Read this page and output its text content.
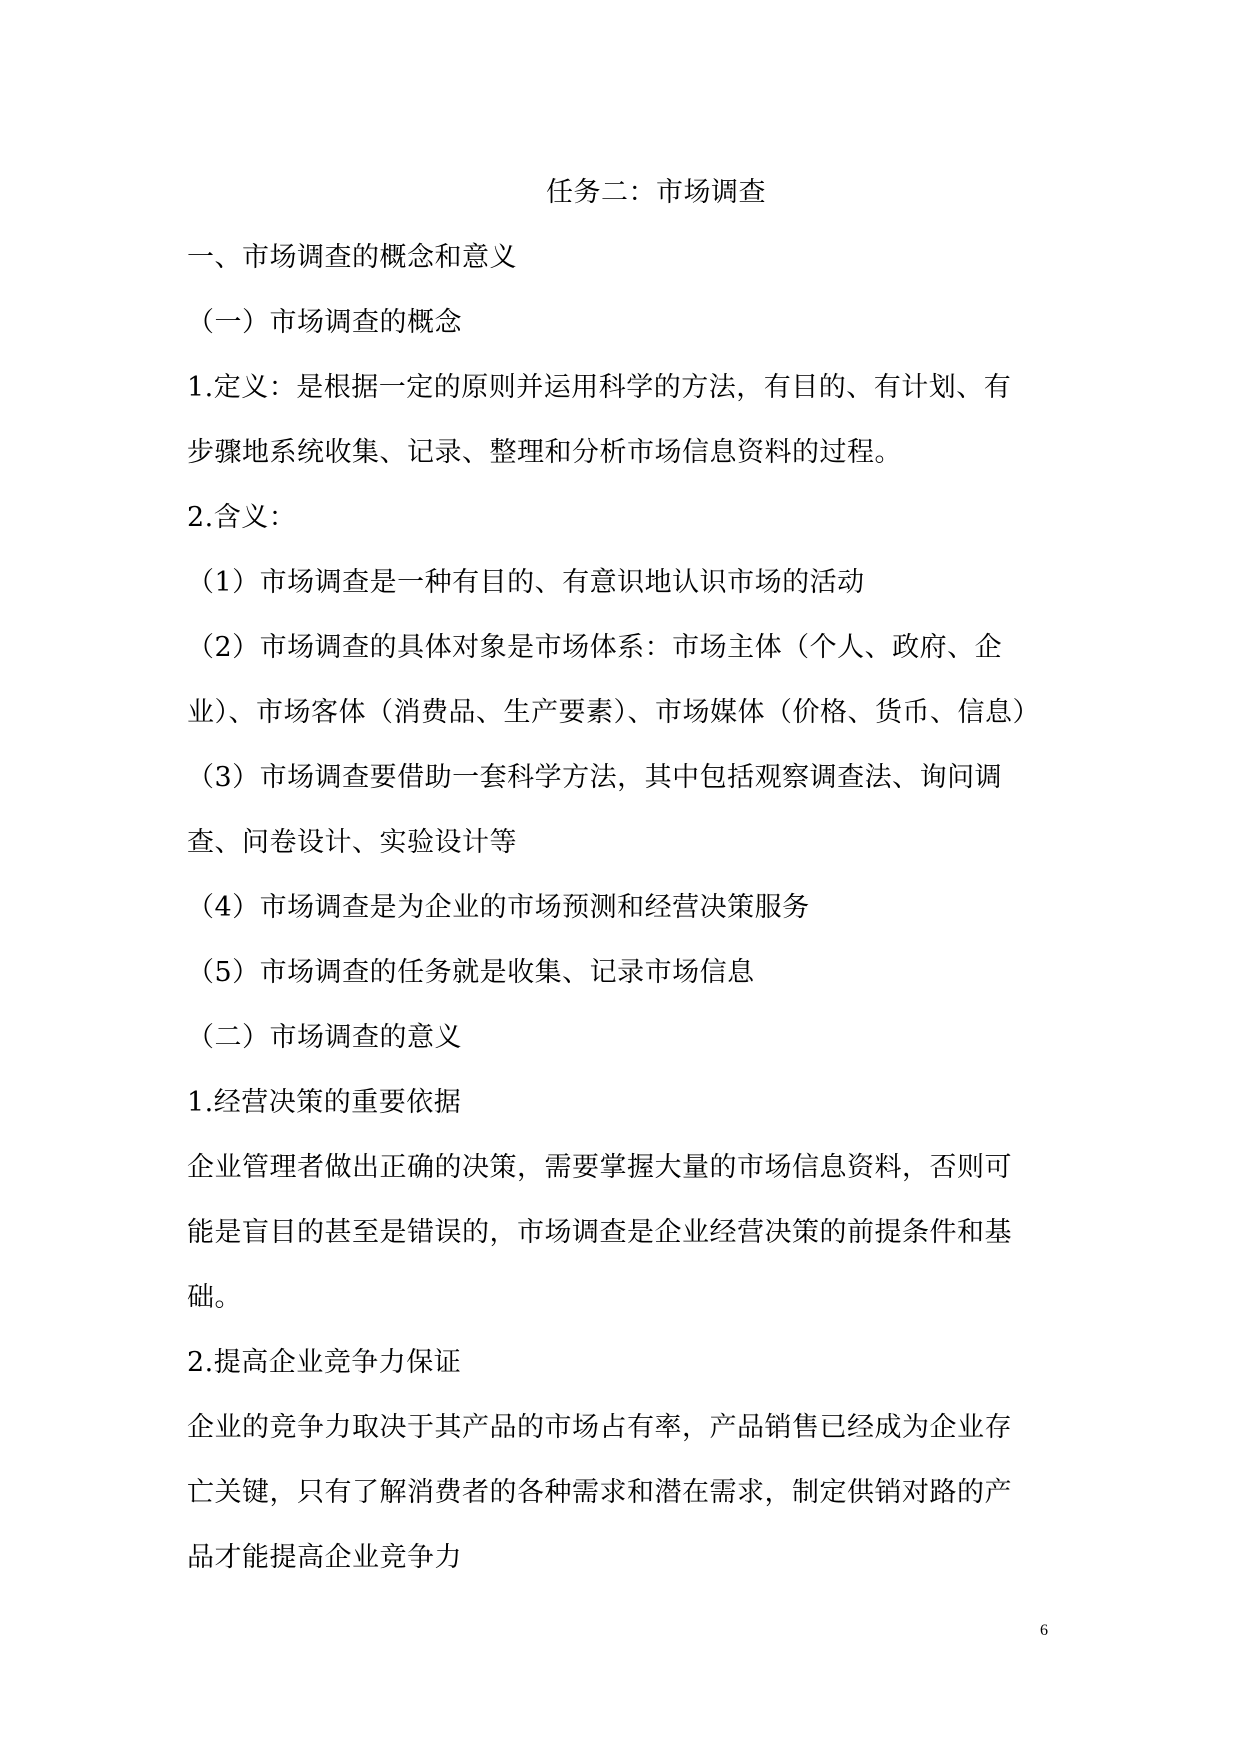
任务二：市场调查
一、市场调查的概念和意义
（一）市场调查的概念
1.定义：是根据一定的原则并运用科学的方法，有目的、有计划、有
步骤地系统收集、记录、整理和分析市场信息资料的过程。
2.含义：
（1）市场调查是一种有目的、有意识地认识市场的活动
（2）市场调查的具体对象是市场体系：市场主体（个人、政府、企
业）、市场客体（消费品、生产要素）、市场媒体（价格、货币、信息）
（3）市场调查要借助一套科学方法，其中包括观察调查法、询问调
查、问卷设计、实验设计等
（4）市场调查是为企业的市场预测和经营决策服务
（5）市场调查的任务就是收集、记录市场信息
（二）市场调查的意义
1.经营决策的重要依据
企业管理者做出正确的决策，需要掌握大量的市场信息资料，否则可
能是盲目的甚至是错误的，市场调查是企业经营决策的前提条件和基
础。
2.提高企业竞争力保证
企业的竞争力取决于其产品的市场占有率，产品销售已经成为企业存
亡关键，只有了解消费者的各种需求和潜在需求，制定供销对路的产
品才能提高企业竞争力
6
